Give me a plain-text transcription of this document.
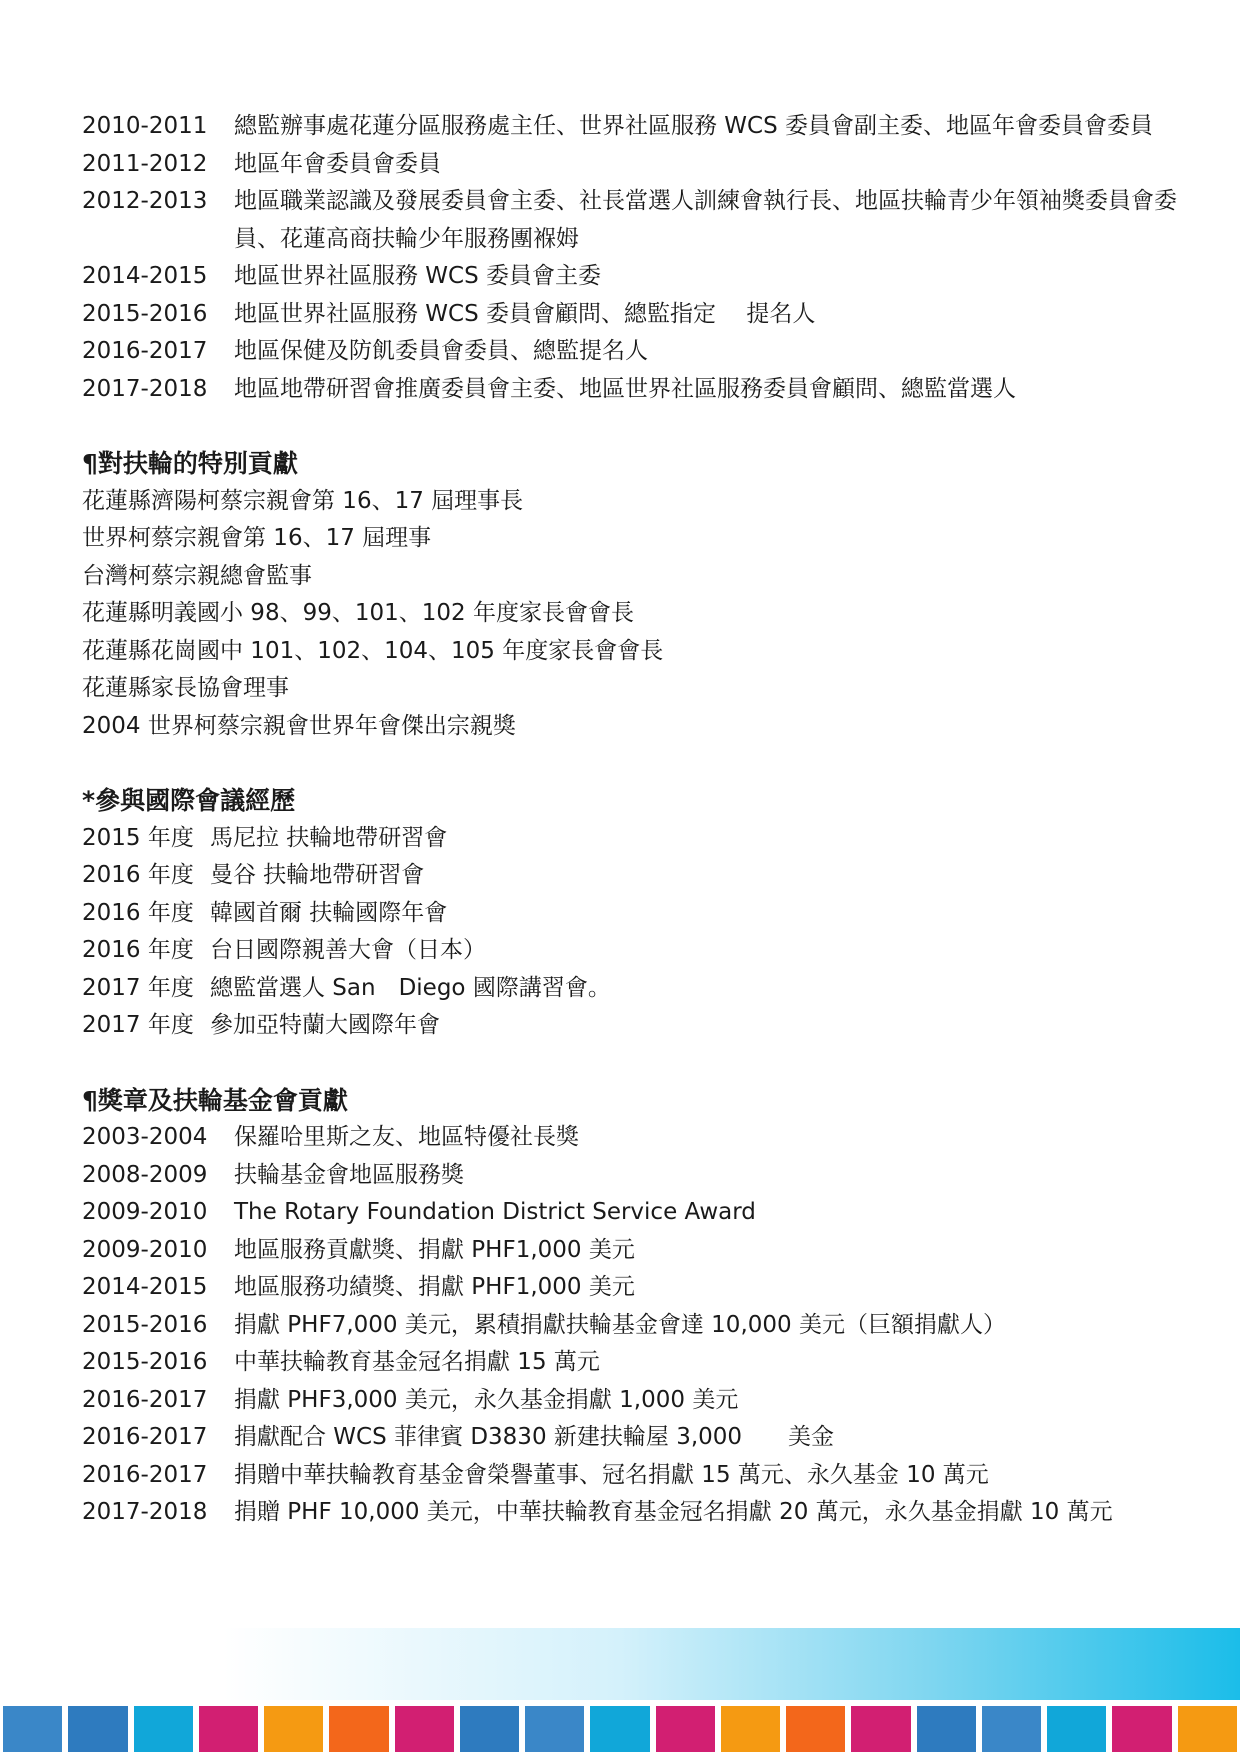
2010-2011	總監辦事處花蓮分區服務處主任、世界社區服務 WCS 委員會副主委、地區年會委員會委員
2011-2012	地區年會委員會委員
2012-2013	地區職業認識及發展委員會主委、社長當選人訓練會執行長、地區扶輪青少年領袖獎委員會委員、花蓮高商扶輪少年服務團褓姆
2014-2015	地區世界社區服務 WCS 委員會主委
2015-2016	地區世界社區服務 WCS 委員會顧問、總監指定　 提名人
2016-2017	地區保健及防飢委員會委員、總監提名人
2017-2018	地區地帶研習會推廣委員會主委、地區世界社區服務委員會顧問、總監當選人
¶對扶輪的特別貢獻
花蓮縣濟陽柯蔡宗親會第 16、17 屆理事長
世界柯蔡宗親會第 16、17 屆理事
台灣柯蔡宗親總會監事
花蓮縣明義國小 98、99、101、102 年度家長會會長
花蓮縣花崗國中 101、102、104、105 年度家長會會長
花蓮縣家長協會理事
2004 世界柯蔡宗親會世界年會傑出宗親獎
*參與國際會議經歷
2015 年度 馬尼拉 扶輪地帶研習會
2016 年度 曼谷 扶輪地帶研習會
2016 年度 韓國首爾 扶輪國際年會
2016 年度 台日國際親善大會（日本）
2017 年度 總監當選人 San　Diego 國際講習會。
2017 年度 參加亞特蘭大國際年會
¶獎章及扶輪基金會貢獻
2003-2004	保羅哈里斯之友、地區特優社長獎
2008-2009	扶輪基金會地區服務獎
2009-2010	The Rotary Foundation District Service Award
2009-2010	地區服務貢獻獎、捐獻 PHF1,000 美元
2014-2015	地區服務功績獎、捐獻 PHF1,000 美元
2015-2016	捐獻 PHF7,000 美元，累積捐獻扶輪基金會達 10,000 美元（巨額捐獻人）
2015-2016	中華扶輪教育基金冠名捐獻 15 萬元
2016-2017	捐獻 PHF3,000 美元，永久基金捐獻 1,000 美元
2016-2017	捐獻配合 WCS 菲律賓 D3830 新建扶輪屋 3,000　　美金
2016-2017	捐贈中華扶輪教育基金會榮譽董事、冠名捐獻 15 萬元、永久基金 10 萬元
2017-2018	捐贈 PHF 10,000 美元，中華扶輪教育基金冠名捐獻 20 萬元，永久基金捐獻 10 萬元
